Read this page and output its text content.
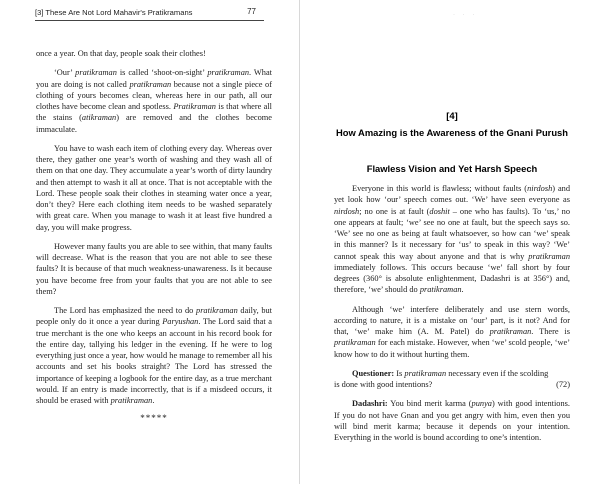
[3] These Are Not Lord Mahavir's Pratikramans	77

once a year. On that day, people soak their clothes!

‘Our’ pratikraman is called ‘shoot-on-sight’ pratikraman. What you are doing is not called pratikraman because not a single piece of clothing of yours becomes clean, whereas here in our path, all our clothes have become clean and spotless. Pratikraman is that where all the stains (atikraman) are removed and the clothes become immaculate.

You have to wash each item of clothing every day. Whereas over there, they gather one year’s worth of washing and they wash all of them on that one day. They accumulate a year’s worth of dirty laundry and then attempt to wash it all at once. That is not acceptable with the Lord. These people soak their clothes in steaming water once a year, don’t they? Here each clothing item needs to be washed separately with great care. When you manage to wash it at least five hundred a day, you will make progress.

However many faults you are able to see within, that many faults will decrease. What is the reason that you are not able to see these faults? It is because of that much weakness-unawareness. Is it because you have become free from your faults that you are not able to see them?

The Lord has emphasized the need to do pratikraman daily, but people only do it once a year during Paryushan. The Lord said that a true merchant is the one who keeps an account in his record book for the entire day, tallying his ledger in the evening. If he were to log everything just once a year, how would he manage to remember all his accounts and set his books straight? The Lord has stressed the importance of keeping a logbook for the entire day, as a true merchant would. If an entry is made incorrectly, that is if a misdeed occurs, it should be erased with pratikraman.

*****
· · ·
[4]
How Amazing is the Awareness of the Gnani Purush
Flawless Vision and Yet Harsh Speech

Everyone in this world is flawless; without faults (nirdosh) and yet look how ‘our’ speech comes out. ‘We’ have seen everyone as nirdosh; no one is at fault (doshit – one who has faults). To ‘us,’ no one appears at fault; ‘we’ see no one at fault, but the speech says so. ‘We’ see no one as being at fault whatsoever, so how can ‘we’ speak in this manner? Is it necessary for ‘us’ to speak in this way? ‘We’ cannot speak this way about anyone and that is why pratikraman immediately follows. This occurs because ‘we’ fall short by four degrees (360° is absolute enlightenment, Dadashri is at 356°) and, therefore, ‘we’ should do pratikraman.

Although ‘we’ interfere deliberately and use stern words, according to nature, it is a mistake on ‘our’ part, is it not? And for that, ‘we’ make him (A. M. Patel) do pratikraman. There is pratikraman for each mistake. However, when ‘we’ scold people, ‘we’ know how to do it without hurting them.

Questioner: Is pratikraman necessary even if the scolding

is done with good intentions?	(72)

Dadashri: You bind merit karma (punya) with good intentions. If you do not have Gnan and you get angry with him, even then you will bind merit karma; because it depends on your intention. Everything in the world is bound according to one’s intention.
